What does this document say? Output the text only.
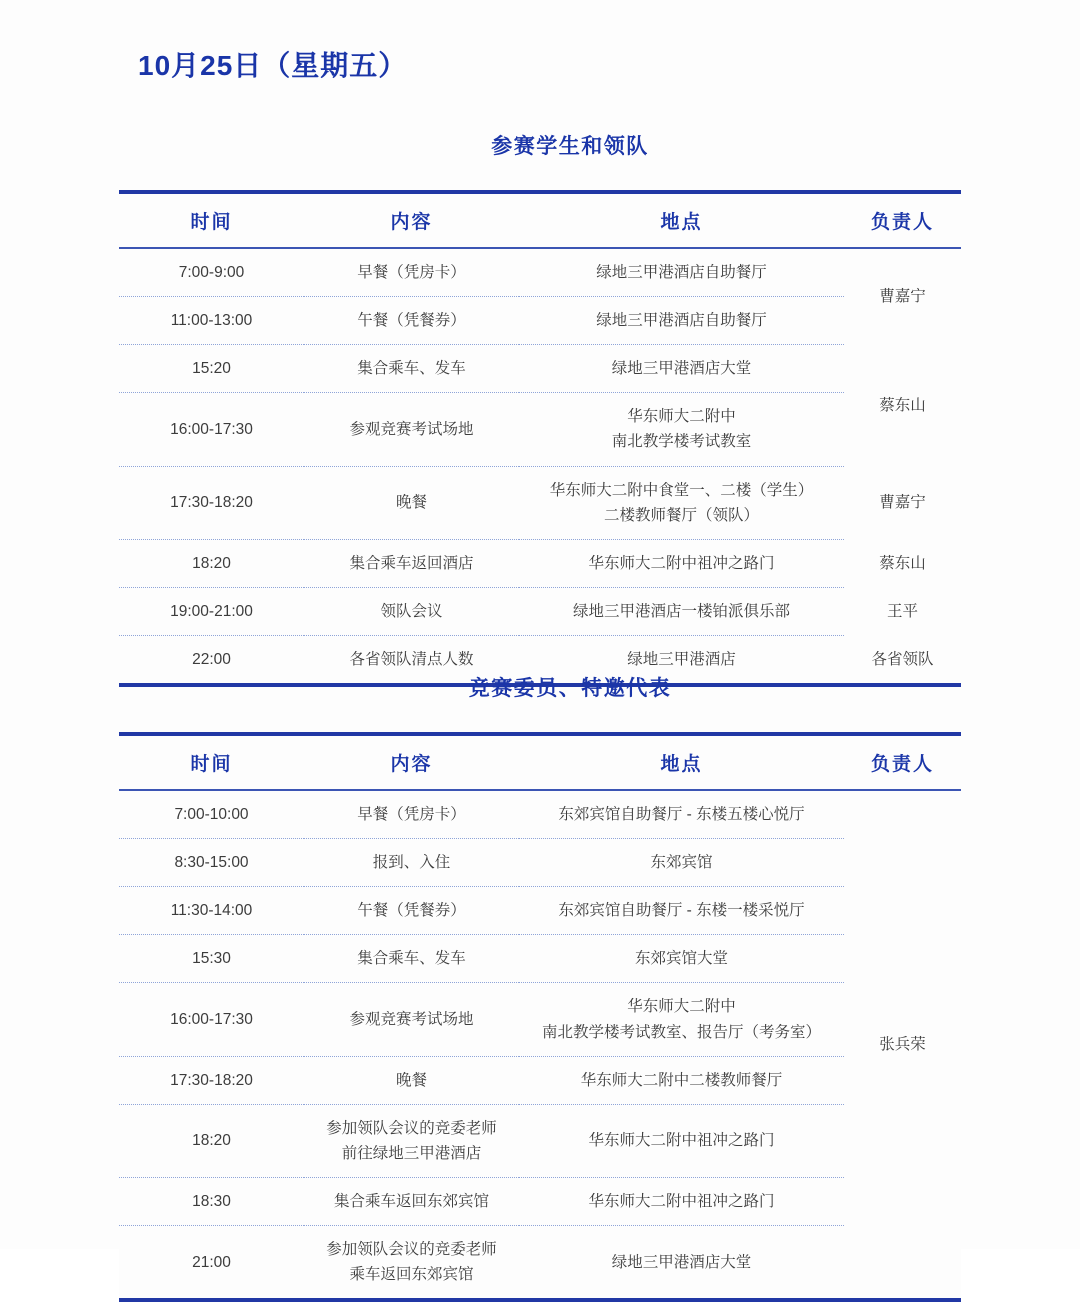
10月25日（星期五）
参赛学生和领队
时间	内容	地点	负责人
7:00-9:00	早餐（凭房卡）	绿地三甲港酒店自助餐厅	曹嘉宁
11:00-13:00	午餐（凭餐券）	绿地三甲港酒店自助餐厅	

15:20	集合乘车、发车	绿地三甲港酒店大堂	蔡东山
16:00-17:30	参观竞赛考试场地	华东师大二附中
南北教学楼考试教室	

17:30-18:20	晚餐	华东师大二附中食堂一、二楼（学生）
二楼教师餐厅（领队）	曹嘉宁
18:20	集合乘车返回酒店	华东师大二附中祖冲之路门	蔡东山
19:00-21:00	领队会议	绿地三甲港酒店一楼铂派俱乐部	王平
22:00	各省领队清点人数	绿地三甲港酒店	各省领队
竞赛委员、特邀代表
时间	内容	地点	负责人
7:00-10:00	早餐（凭房卡）	东郊宾馆自助餐厅 - 东楼五楼心悦厅	张兵荣
8:30-15:00	报到、入住	东郊宾馆	

11:30-14:00	午餐（凭餐券）	东郊宾馆自助餐厅 - 东楼一楼采悦厅	

15:30	集合乘车、发车	东郊宾馆大堂	

16:00-17:30	参观竞赛考试场地	华东师大二附中
南北教学楼考试教室、报告厅（考务室）	

17:30-18:20	晚餐	华东师大二附中二楼教师餐厅	

18:20	参加领队会议的竞委老师
前往绿地三甲港酒店	华东师大二附中祖冲之路门	

18:30	集合乘车返回东郊宾馆	华东师大二附中祖冲之路门	

21:00	参加领队会议的竞委老师
乘车返回东郊宾馆	绿地三甲港酒店大堂	
